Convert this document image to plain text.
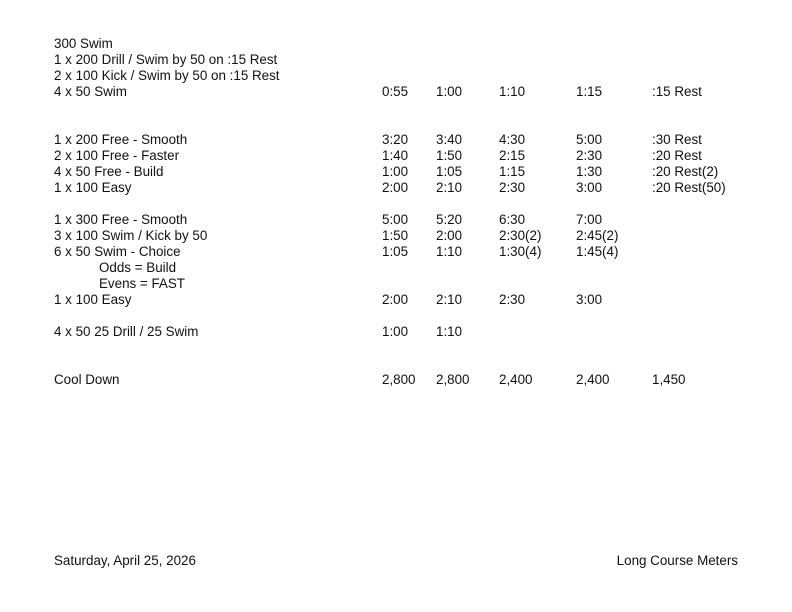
300 Swim
1 x 200 Drill / Swim by 50 on :15 Rest
2 x 100 Kick / Swim by 50 on :15 Rest
4 x 50 Swim	0:55 1:00	1:10	1:15	:15 Rest
1 x 200 Free - Smooth	3:20 3:40	4:30	5:00	:30 Rest
2 x 100 Free - Faster	1:40 1:50	2:15	2:30	:20 Rest
4 x 50 Free - Build	1:00 1:05	1:15	1:30	:20 Rest(2)
1 x 100 Easy	2:00 2:10	2:30	3:00	:20 Rest(50)
1 x 300 Free - Smooth	5:00 5:20	6:30	7:00
3 x 100 Swim / Kick by 50	1:50 2:00	2:30(2)	2:45(2)
6 x 50 Swim - Choice	1:05 1:10	1:30(4)	1:45(4)
Odds = Build
Evens = FAST
1 x 100 Easy	2:00 2:10	2:30	3:00
4 x 50 25 Drill / 25 Swim	1:00 1:10
Cool Down	2,800 2,800 2,400	2,400	1,450
Saturday, April 25, 2026	Long Course Meters
